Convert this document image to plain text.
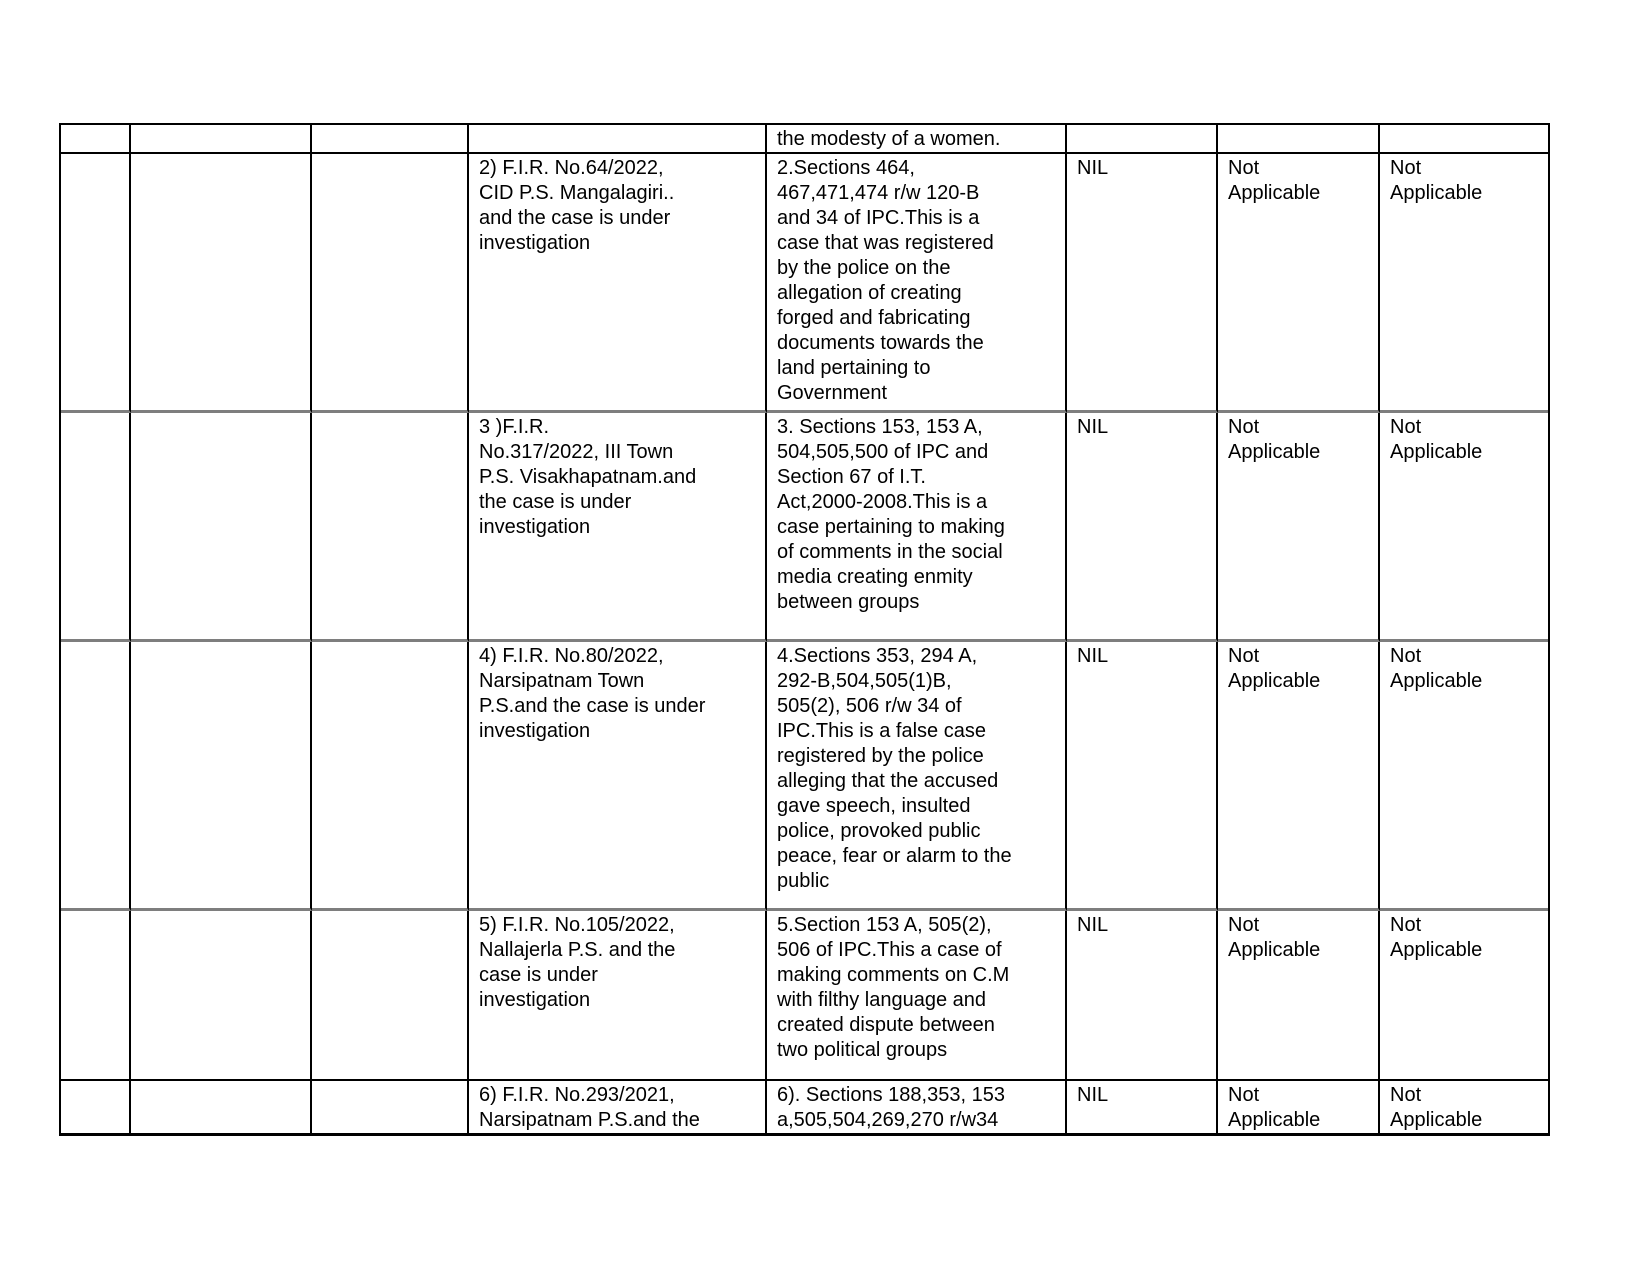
the modesty of a women.
2) F.I.R. No.64/2022,
CID P.S. Mangalagiri..
and the case is under
investigation
2.Sections 464,
467,471,474 r/w 120-B
and 34 of IPC.This is a
case that was registered
by the police on the
allegation of creating
forged and fabricating
documents towards the
land pertaining to
Government
NIL	Not
Applicable
Not
Applicable
3 )F.I.R.
No.317/2022, III Town
P.S. Visakhapatnam.and
the case is under
investigation
3. Sections 153, 153 A,
504,505,500 of IPC and
Section 67 of I.T.
Act,2000-2008.This is a
case pertaining to making
of comments in the social
media creating enmity
between groups
NIL	Not
Applicable
Not
Applicable
4) F.I.R. No.80/2022,
Narsipatnam Town
P.S.and the case is under
investigation
4.Sections 353, 294 A,
292-B,504,505(1)B,
505(2), 506 r/w 34 of
IPC.This is a false case
registered by the police
alleging that the accused
gave speech, insulted
police, provoked public
peace, fear or alarm to the
public
NIL	Not
Applicable
Not
Applicable
5) F.I.R. No.105/2022,
Nallajerla P.S. and the
case is under
investigation
5.Section 153 A, 505(2),
506 of IPC.This a case of
making comments on C.M
with filthy language and
created dispute between
two political groups
NIL	Not
Applicable
Not
Applicable
6) F.I.R. No.293/2021,
Narsipatnam P.S.and the
6). Sections 188,353, 153
a,505,504,269,270 r/w34
NIL	Not
Applicable
Not
Applicable
